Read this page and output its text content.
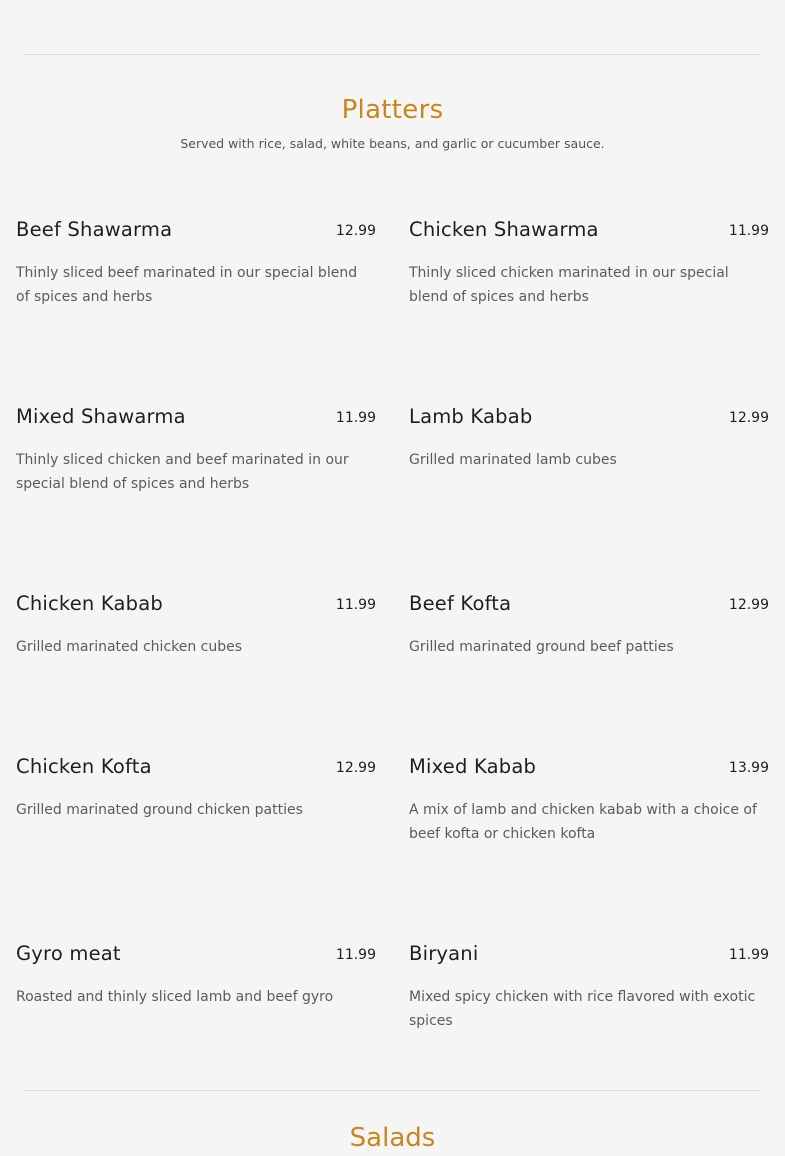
Platters
Served with rice, salad, white beans, and garlic or cucumber sauce.
Beef Shawarma	12.99
Thinly sliced beef marinated in our special blend of spices and herbs
Chicken Shawarma	11.99
Thinly sliced chicken marinated in our special blend of spices and herbs
Mixed Shawarma	11.99
Thinly sliced chicken and beef marinated in our special blend of spices and herbs
Lamb Kabab	12.99
Grilled marinated lamb cubes
Chicken Kabab	11.99
Grilled marinated chicken cubes
Beef Kofta	12.99
Grilled marinated ground beef patties
Chicken Kofta	12.99
Grilled marinated ground chicken patties
Mixed Kabab	13.99
A mix of lamb and chicken kabab with a choice of beef kofta or chicken kofta
Gyro meat	11.99
Roasted and thinly sliced lamb and beef gyro
Biryani	11.99
Mixed spicy chicken with rice flavored with exotic spices
Salads
